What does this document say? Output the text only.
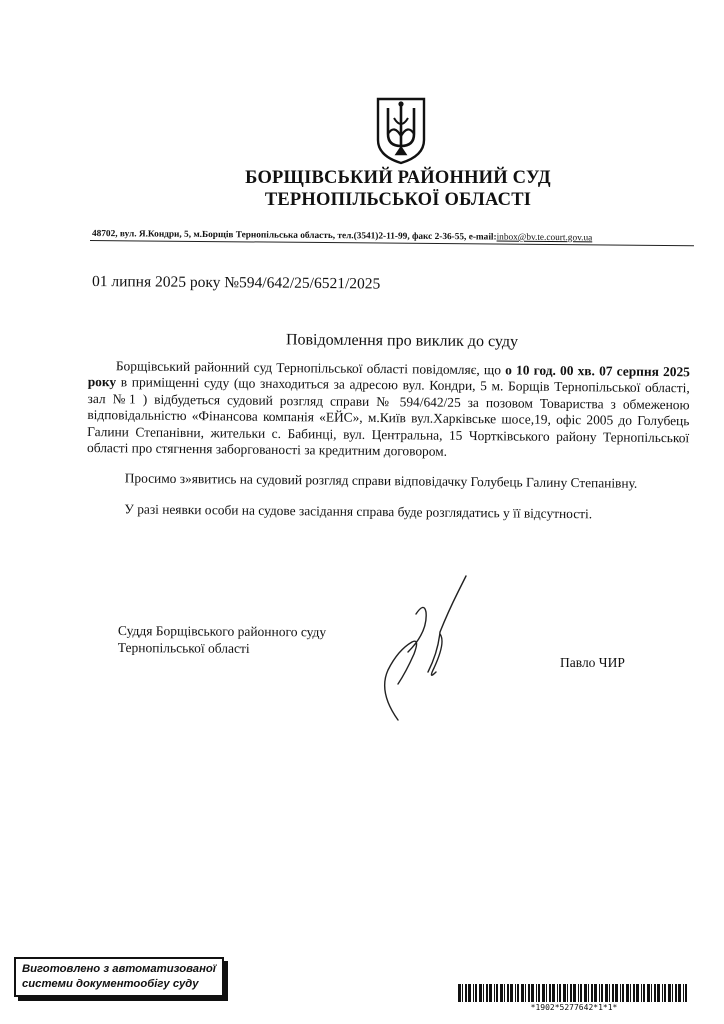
БОРЩІВСЬКИЙ РАЙОННИЙ СУД
ТЕРНОПІЛЬСЬКОЇ ОБЛАСТІ
48702, вул. Я.Кондри, 5, м.Борщів Тернопільська область, тел.(3541)2-11-99, факс 2-36-55, e-mail:inbox@bv.te.court.gov.ua
01 липня 2025 року №594/642/25/6521/2025
Повідомлення про виклик до суду

Борщівський районний суд Тернопільської області повідомляє, що о 10 год. 00 хв. 07 серпня 2025 року в приміщенні суду (що знаходиться за адресою вул. Кондри, 5 м. Борщів Тернопільської області, зал №1 ) відбудеться судовий розгляд справи № 594/642/25 за позовом Товариства з обмеженою відповідальністю «Фінансова компанія «ЕЙС», м.Київ вул.Харківське шосе,19, офіс 2005 до Голубець Галини Степанівни, жительки с. Бабинці, вул. Центральна, 15 Чортківського району Тернопільської області про стягнення заборгованості за кредитним договором.

Просимо з»явитись на судовий розгляд справи відповідачку Голубець Галину Степанівну.

У разі неявки особи на судове засідання справа буде розглядатись у її відсутності.

Суддя Борщівського районного суду
Тернопільської області
Павло ЧИР
Виготовлено з автоматизованої
системи документообігу суду
*1902*5277642*1*1*
